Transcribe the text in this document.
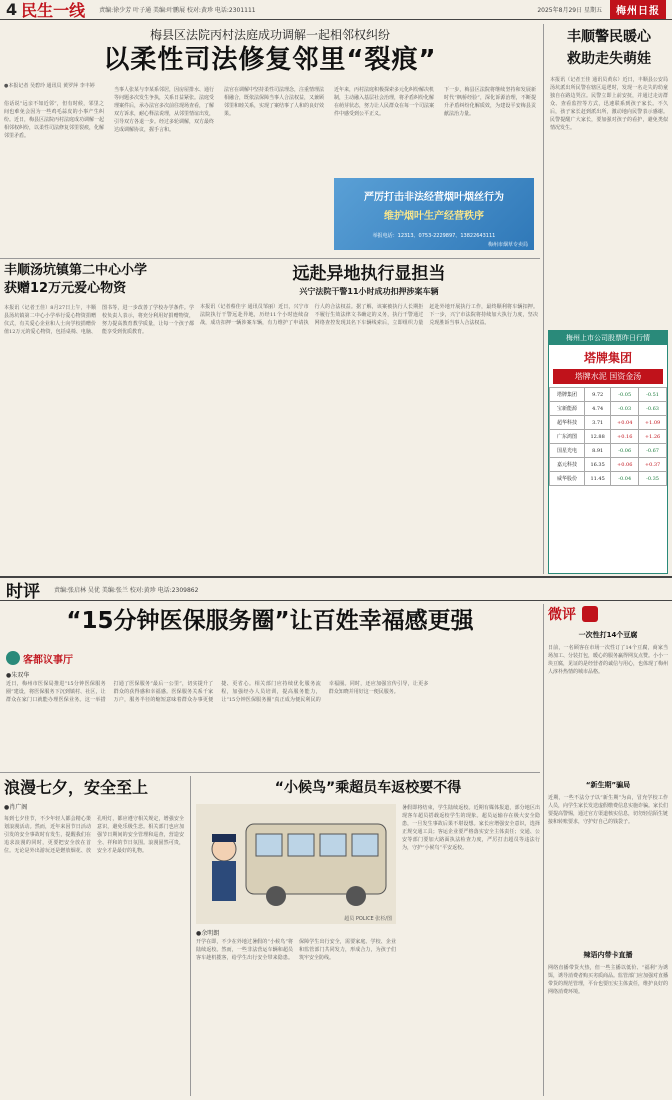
4 民生一线 责编:徐少芳 叶子通 美编:叶鹏展 校对:黄珍 电话:2301111	2025年8月29日 星期五	梅州日报
梅县区法院丙村法庭成功调解一起相邻权纠纷
以柔性司法修复邻里“裂痕”
●本报记者 吴碧玲 通讯员 黄罗萍 李丰婷
俗话说“远亲不如近邻”，但有时候，邻里之间也难免会因为一些鸡毛蒜皮的小事产生纠纷。近日，梅县区法院丙村法庭成功调解一起相邻权纠纷，以柔性司法修复邻里裂痕，化解邻里矛盾。
当事人张某与李某系邻居，因房屋排水、通行等问题多次发生争执，关系日益紧张。法庭受理案件后，承办法官多次前往现场查看，了解双方诉求，耐心释法说理，从邻里情谊出发，引导双方各退一步。经过多轮调解，双方最终达成调解协议，握手言和。
法官在调解中坚持柔性司法理念，注重情理法相融合，既依法保障当事人合法权益，又兼顾邻里和睦关系，实现了案结事了人和的良好效果。
近年来，丙村法庭积极探索多元化纠纷解决机制，主动融入基层社会治理，将矛盾纠纷化解在萌芽状态，努力让人民群众在每一个司法案件中感受到公平正义。
下一步，梅县区法院将继续坚持和发展新时代“枫桥经验”，深化诉源治理，不断提升矛盾纠纷化解质效，为建设平安梅县贡献法治力量。
严厉打击非法经营烟叶烟丝行为
维护烟叶生产经营秩序
举报电话：12313、0753-2229897、13822643111
梅州市烟草专卖局
丰顺警民暖心
救助走失萌娃
本报讯（记者王佳 通讯员黄东）近日，丰顺县公安局汤坑派出所民警在辖区巡逻时，发现一名走失的幼童独自在路边哭泣。民警立即上前安抚，并通过走访群众、查看监控等方式，迅速联系到孩子家长。不久后，孩子家长赶到派出所，激动地向民警表示感谢。民警提醒广大家长，要加强对孩子的看护，避免类似情况发生。
梅州上市公司股票昨日行情
塔牌集团
塔牌水泥 国资金汤
塔牌集团	9.72	-0.05	-0.51
宝新能源	4.74	-0.03	-0.63
超华科技	3.71	+0.04	+1.09
广东鸿图	12.88	+0.16	+1.26
国星光电	8.91	-0.06	-0.67
嘉元科技	16.35	+0.06	+0.37
威华股份	11.45	-0.04	-0.35
丰顺汤坑镇第二中心小学
获赠12万元爱心物资
本报讯（记者王佳）8月27日上午，丰顺县汤坑镇第二中心小学举行爱心物资捐赠仪式，有关爱心企业和人士向学校捐赠价值12万元的爱心物资，包括桌椅、电脑、图书等，进一步改善了学校办学条件。学校负责人表示，将充分利用好捐赠物资，努力提高教育教学质量，让每一个孩子都能享受到优质教育。
远赴异地执行显担当
兴宁法院干警11小时成功扣押涉案车辆
本报讯（记者蔡佳宇 通讯员邹丽）近日，兴宁市法院执行干警远赴异地，历经11个小时连续奋战，成功扣押一辆涉案车辆，有力维护了申请执行人的合法权益。据了解，该案被执行人长期拒不履行生效法律文书确定的义务，执行干警通过网络查控发现其名下车辆线索后，立即组织力量赶赴外地开展执行工作，最终顺利将车辆扣押。下一步，兴宁市法院将持续加大执行力度，坚决兑现胜诉当事人合法权益。
时评 责编:张启林 吴优 美编:张兰 校对:黄珍 电话:2309862
“15分钟医保服务圈”让百姓幸福感更强
客都议事厅
●朱双华
近日，梅州市医保局推进“15分钟医保服务圈”建设，将医保服务下沉到镇村、社区，让群众在家门口就能办理医保业务。这一举措打通了医保服务“最后一公里”，切实提升了群众的获得感和幸福感。医保服务关系千家万户，服务半径的缩短意味着群众办事更便捷、更省心。相关部门应持续优化服务流程，加强经办人员培训，提高服务能力，让“15分钟医保服务圈”真正成为便民利民的幸福圈。同时，还应加强宣传引导，让更多群众知晓并用好这一便民服务。
浪漫七夕，安全至上
●肖广阁
每到七夕佳节，不少年轻人都会精心策划浪漫活动。然而，近年来因节日活动引发的安全事故时有发生，提醒我们在追求浪漫的同时，更要把安全放在首位。无论是外出游玩还是燃放烟花、放孔明灯，都应遵守相关规定，增强安全意识，避免乐极生悲。相关部门也应加强节日期间的安全管理和巡查，营造安全、祥和的节日氛围。浪漫固然可贵，安全才是最好的礼物。
“小候鸟”乘超员车返校要不得
超员 POLICE 张杉/图
暑假即将结束，学生陆续返校。近期有媒体报道，部分地区出现客车超员搭载返校学生的现象。超员运输存在极大安全隐患，一旦发生事故后果不堪设想。家长应增强安全意识，选择正规交通工具；客运企业要严格落实安全主体责任；交通、公安等部门要加大路面执法检查力度，严厉打击超员等违法行为，守护“小候鸟”平安返校。
●余明朗
开学在即，不少在外地过暑假的“小候鸟”将陆续返校。然而，一些非法营运车辆和超员客车趁机揽客，给学生出行安全带来隐患。保障学生出行安全，需要家庭、学校、企业和监管部门共同发力，形成合力，为孩子们筑牢安全防线。
微评
一次性打14个豆腐
日前，一名顾客在市场一次性订了14个豆腐，商家当场加工、分装打包，暖心的服务赢得网友点赞。小小一块豆腐，见证的是经营者的诚信与用心，也体现了梅州人淳朴热情的城市品格。
“新生期”骗局
近期，一些不法分子以“新生期”为由，冒充学校工作人员，向学生家长发送虚假缴费信息实施诈骗。家长们要提高警惕，通过官方渠道核实信息，切勿轻信陌生链接和转账要求，守护好自己的钱袋子。
辣语内带卡直播
网络直播带货火热，但一些主播以低价、“福利”为诱饵，诱导消费者购买劣质商品。监管部门应加强对直播带货的规范管理，平台也要压实主体责任，维护良好的网络消费环境。
